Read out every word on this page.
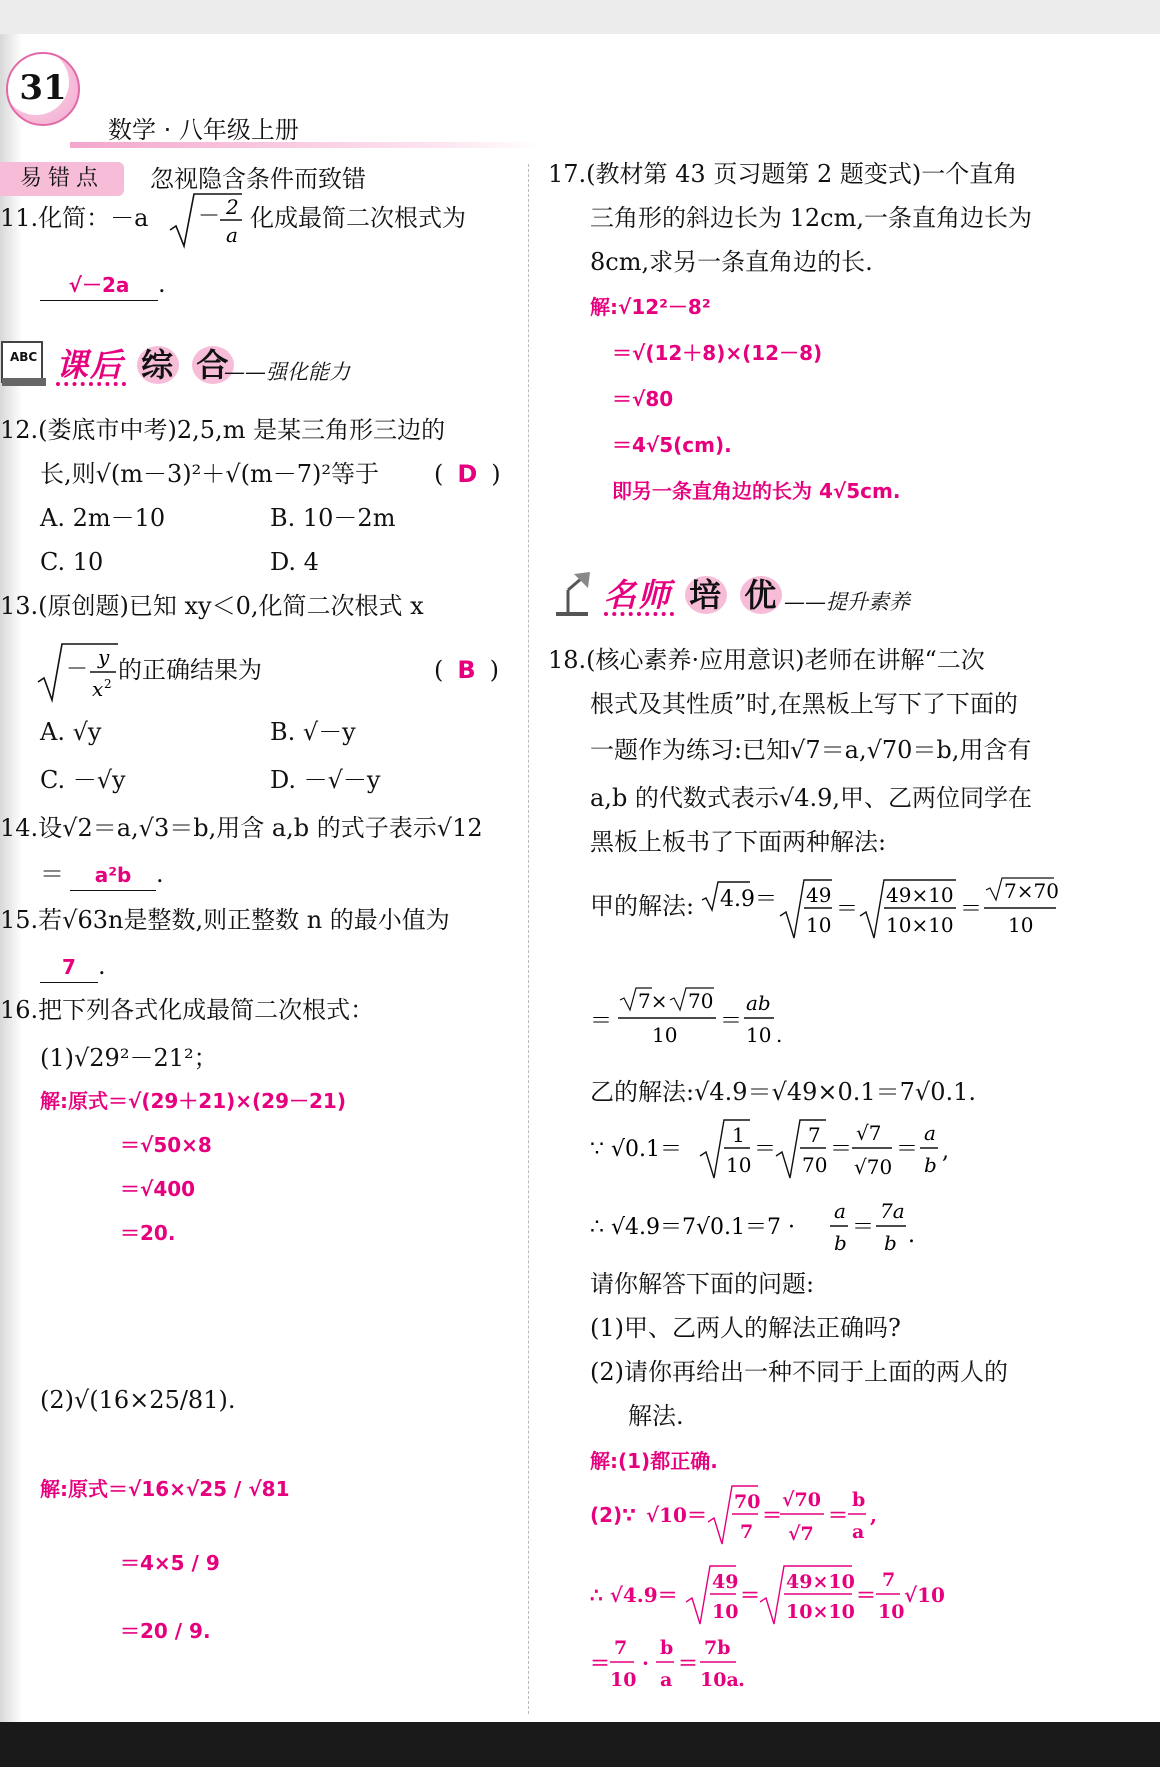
31
数学 · 八年级上册
易错点	忽视隐含条件而致错
11.化简：－a － 2
a
化成最简二次根式为
√－2a .
ABC 课后 综 合
——强化能力
12.(娄底市中考)2,5,m 是某三角形三边的
长,则√(m－3)²＋√(m－7)²等于 ( D )
A. 2m－10	B. 10－2m
C. 10	D. 4
13.(原创题)已知 xy＜0,化简二次根式 x
－ y
x 2 的正确结果为	( B )
A. √y	B. √－y
C. －√y	D. －√－y
14.设√2＝a,√3＝b,用含 a,b 的式子表示√12
＝ a²b .
15.若√63n是整数,则正整数 n 的最小值为
7 .
16.把下列各式化成最简二次根式：
(1)√29²－21²；
解:原式＝√(29＋21)×(29－21)
＝√50×8
＝√400
＝20.
(2)√(16×25/81).
解:原式＝√16×√25 / √81
＝4×5 / 9
＝20 / 9.
17.(教材第 43 页习题第 2 题变式)一个直角
三角形的斜边长为 12cm,一条直角边长为
8cm,求另一条直角边的长.
解:√12²－8²
＝√(12＋8)×(12－8)
＝√80
＝4√5(cm).
即另一条直角边的长为 4√5cm.
名师 培 优 ——提升素养
18.(核心素养·应用意识)老师在讲解“二次
根式及其性质”时,在黑板上写下了下面的
一题作为练习:已知√7＝a,√70＝b,用含有
a,b 的代数式表示√4.9,甲、乙两位同学在
黑板上板书了下面两种解法:
甲的解法: 4.9＝ 49
10
＝
49×10
10×10
＝
7×70
10
＝
7× 70
10
＝
ab
10 .
乙的解法:√4.9＝√49×0.1＝7√0.1.
∵ √0.1＝
1
10
＝
7
70
＝
√7
√70
＝
a
b
,
∴ √4.9＝7√0.1＝7 ·
a
b
＝
7a
b .
请你解答下面的问题:
(1)甲、乙两人的解法正确吗?
(2)请你再给出一种不同于上面的两人的
解法.
解:(1)都正确.
(2)∵ √10＝
70
7
＝
√70
√7
＝
b
a
,
∴ √4.9＝
49
10
＝
49×10
10×10
＝
7
10
√10
＝
7
10
·
b
a
＝
7b
10a .
